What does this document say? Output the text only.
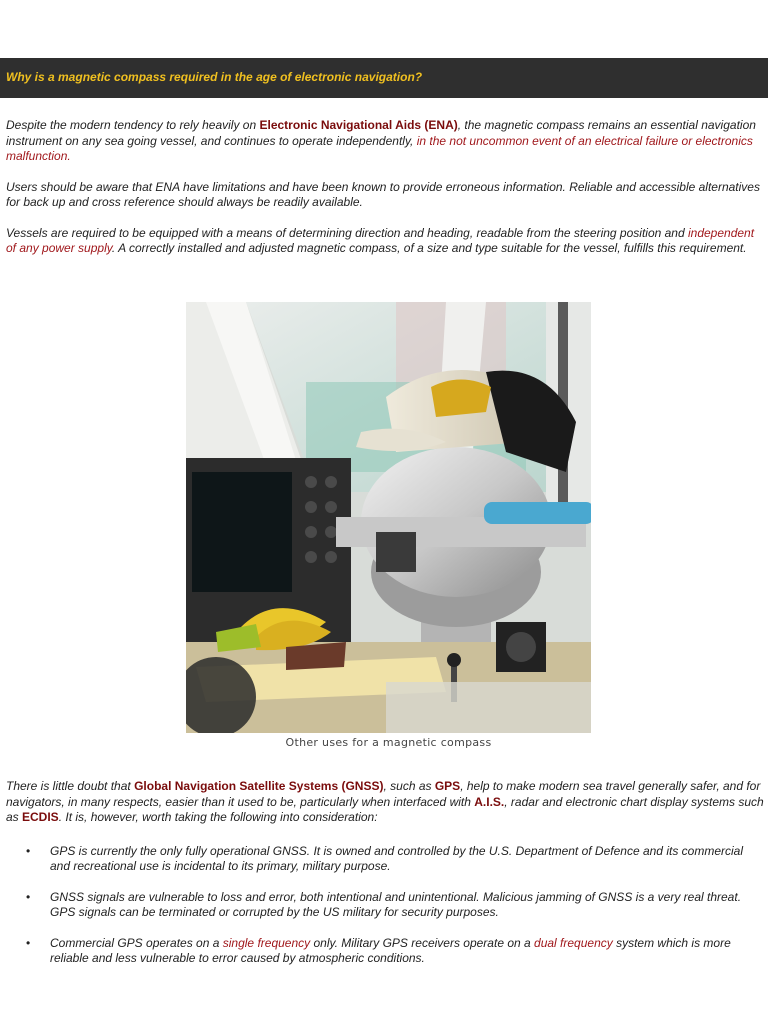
Why is a magnetic compass required in the age of electronic navigation?

Despite the modern tendency to rely heavily on Electronic Navigational Aids (ENA), the magnetic compass remains an essential navigation instrument on any sea going vessel, and continues to operate independently, in the not uncommon event of an electrical failure or electronics malfunction.

Users should be aware that ENA have limitations and have been known to provide erroneous information. Reliable and accessible alternatives for back up and cross reference should always be readily available.

Vessels are required to be equipped with a means of determining direction and heading, readable from the steering position and independent of any power supply. A correctly installed and adjusted magnetic compass, of a size and type suitable for the vessel, fulfills this requirement.

Other uses for a magnetic compass

There is little doubt that Global Navigation Satellite Systems (GNSS), such as GPS, help to make modern sea travel generally safer, and for navigators, in many respects, easier than it used to be, particularly when interfaced with A.I.S., radar and electronic chart display systems such as ECDIS. It is, however, worth taking the following into consideration:

• GPS is currently the only fully operational GNSS. It is owned and controlled by the U.S. Department of Defence and its commercial and recreational use is incidental to its primary, military purpose.
• GNSS signals are vulnerable to loss and error, both intentional and unintentional. Malicious jamming of GNSS is a very real threat. GPS signals can be terminated or corrupted by the US military for security purposes.
• Commercial GPS operates on a single frequency only. Military GPS receivers operate on a dual frequency system which is more reliable and less vulnerable to error caused by atmospheric conditions.
